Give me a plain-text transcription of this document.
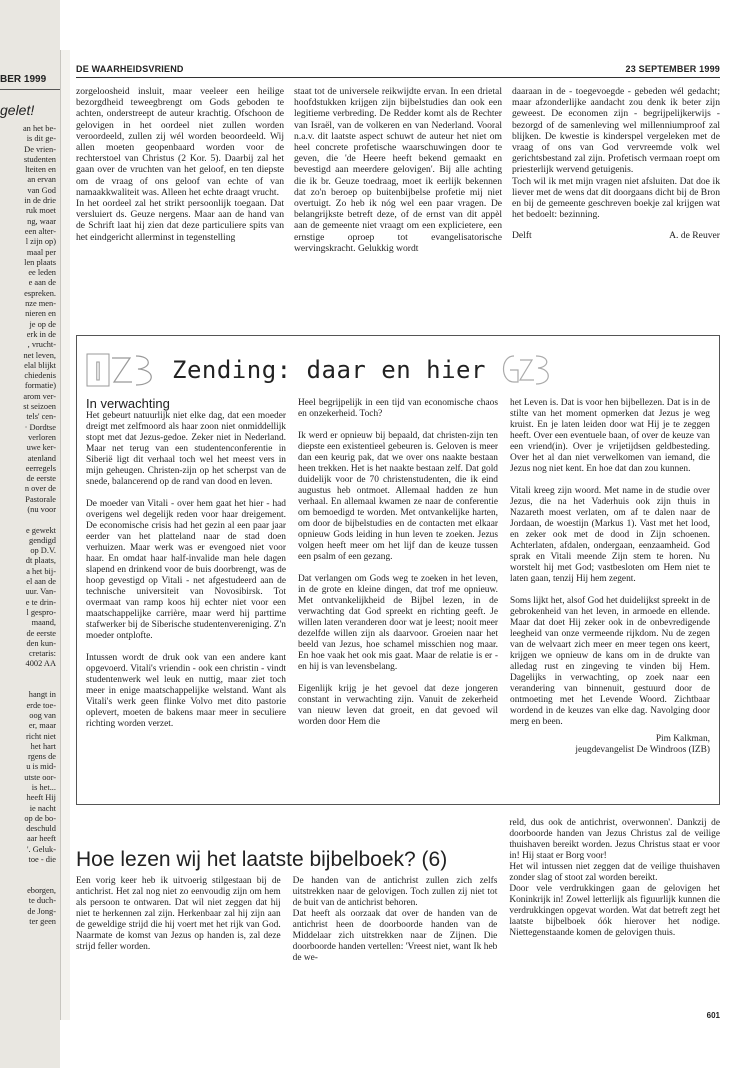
BER 1999
gelet!
an het be-
is dit ge-
De vrien-
studenten
lteiten en
an ervan
van God
in de drie
ruk moet
ng, waar
een alter-
l zijn op)
maal per
len plaats
ee leden
e aan de
espreken.
nze men-
nieren en
je op de
erk in de
, vrucht-
net leven,
elal blijkt
chiedenis
formatie)
arom ver-
st seizoen
tels' cen-
· Dordtse
verloren
uwe ker-
atenland
eerregels
de eerste
n over de
Pastorale
(nu voor

e gewekt
gendigd
op D.V.
dt plaats,
a het bij-
el aan de
uur. Van-
e te drin-
l gespro-
maand,
de eerste
den kun-
cretaris:
4002 AA

hangt in
erde toe-
oog van
er, maar
richt niet
het hart
rgens de
u is mid-
utste oor-
is het...
heeft Hij
ie nacht
op de bo-
deschuld
aar heeft
'. Geluk-
toe - die

eborgen,
te duch-
de Jong-
ter geen
DE WAARHEIDSVRIEND	23 SEPTEMBER 1999

zorgeloosheid insluit, maar veeleer een heilige bezorgdheid teweegbrengt om Gods geboden te achten, onderstreept de auteur krachtig. Ofschoon de gelovigen in het oordeel niet zullen worden veroordeeld, zullen zij wél worden beoordeeld. Wij allen moeten geopenbaard worden voor de rechterstoel van Christus (2 Kor. 5). Daarbij zal het gaan over de vruchten van het geloof, en ten diepste om de vraag of ons geloof van echte of van namaakkwaliteit was. Alleen het echte draagt vrucht.

In het oordeel zal het strikt persoonlijk toegaan. Dat versluiert ds. Geuze nergens. Maar aan de hand van de Schrift laat hij zien dat deze particuliere spits van het eindgericht allerminst in tegenstelling

staat tot de universele reikwijdte ervan. In een drietal hoofdstukken krijgen zijn bijbelstudies dan ook een legitieme verbreding. De Redder komt als de Rechter van Israël, van de volkeren en van Nederland. Vooral n.a.v. dit laatste aspect schuwt de auteur het niet om heel concrete profetische waarschuwingen door te geven, die 'de Heere heeft bekend gemaakt en bevestigd aan meerdere gelovigen'. Bij alle achting die ik br. Geuze toedraag, moet ik eerlijk bekennen dat zo'n beroep op buitenbijbelse profetie mij niet overtuigt. Zo heb ik nóg wel een paar vragen. De belangrijkste betreft deze, of de ernst van dit appèl aan de gemeente niet vraagt om een explicietere, een ernstige oproep tot evangelisatorische wervingskracht. Gelukkig wordt

daaraan in de - toegevoegde - gebeden wél gedacht; maar afzonderlijke aandacht zou denk ik beter zijn geweest. De economen zijn - begrijpelijkerwijs - bezorgd of de samenleving wel millenniumproof zal blijken. De kwestie is kinderspel vergeleken met de vraag of ons van God vervreemde volk wel gerichtsbestand zal zijn. Profetisch vermaan roept om priesterlijk wervend getuigenis.

Toch wil ik met mijn vragen niet afsluiten. Dat doe ik liever met de wens dat dit doorgaans dicht bij de Bron en bij de gemeente geschreven boekje zal krijgen wat het bedoelt: bezinning.

Delft	A. de Reuver
I
IZB
Zending: daar en hier
GZB
In verwachting

Het gebeurt natuurlijk niet elke dag, dat een moeder dreigt met zelfmoord als haar zoon niet onmiddellijk stopt met dat Jezus-gedoe. Zeker niet in Nederland. Maar net terug van een studentenconferentie in Siberië ligt dit verhaal toch wel het meest vers in mijn geheugen. Christen-zijn op het scherpst van de snede, balancerend op de rand van dood en leven.

De moeder van Vitali - over hem gaat het hier - had overigens wel degelijk reden voor haar dreigement. De economische crisis had het gezin al een paar jaar eerder van het platteland naar de stad doen verhuizen. Maar werk was er evengoed niet voor haar. En omdat haar half-invalide man hele dagen slapend en drinkend voor de buis doorbrengt, was de hoop gevestigd op Vitali - net afgestudeerd aan de technische universiteit van Novosibirsk. Tot overmaat van ramp koos hij echter niet voor een maatschappelijke carrière, maar werd hij parttime stafwerker bij de Siberische studentenvereniging. Z'n moeder ontplofte.

Intussen wordt de druk ook van een andere kant opgevoerd. Vitali's vriendin - ook een christin - vindt studentenwerk wel leuk en nuttig, maar ziet toch meer in enige maatschappelijke welstand. Want als Vitali's werk geen flinke Volvo met dito pastorie oplevert, moeten de bakens maar meer in seculiere richting worden verzet.

Heel begrijpelijk in een tijd van economische chaos en onzekerheid. Toch?

Ik werd er opnieuw bij bepaald, dat christen-zijn ten diepste een existentieel gebeuren is. Geloven is meer dan een keurig pak, dat we over ons naakte bestaan heen trekken. Het is het naakte bestaan zelf. Dat gold duidelijk voor de 70 christenstudenten, die ik eind augustus heb ontmoet. Allemaal hadden ze hun verhaal. En allemaal kwamen ze naar de conferentie om bemoedigd te worden. Met ontvankelijke harten, om door de bijbelstudies en de contacten met elkaar opnieuw Gods leiding in hun leven te zoeken. Jezus volgen heeft meer om het lijf dan de keuze tussen een psalm of een gezang.

Dat verlangen om Gods weg te zoeken in het leven, in de grote en kleine dingen, dat trof me opnieuw. Met ontvankelijkheid de Bijbel lezen, in de verwachting dat God spreekt en richting geeft. Je willen laten veranderen door wat je leest; nooit meer dezelfde willen zijn als daarvoor. Groeien naar het beeld van Jezus, hoe schamel misschien nog maar. En hoe vaak het ook mis gaat. Maar de relatie is er - en hij is van levensbelang.

Eigenlijk krijg je het gevoel dat deze jongeren constant in verwachting zijn. Vanuit de zekerheid van nieuw leven dat groeit, en dat gevoed wil worden door Hem die

het Leven is. Dat is voor hen bijbellezen. Dat is in de stilte van het moment opmerken dat Jezus je weg kruist. En je laten leiden door wat Hij je te zeggen heeft. Over een eventuele baan, of over de keuze van een vriend(in). Over je vrijetijdsen geldbesteding. Over het al dan niet verwelkomen van iemand, die Jezus nog niet kent. En hoe dat dan zou kunnen.

Vitali kreeg zijn woord. Met name in de studie over Jezus, die na het Vaderhuis ook zijn thuis in Nazareth moest verlaten, om af te dalen naar de Jordaan, de woestijn (Markus 1). Vast met het lood, en zeker ook met de dood in Zijn schoenen. Achterlaten, afdalen, ondergaan, eenzaamheid. God sprak en Vitali meende Zijn stem te horen. Nu worstelt hij met God; vastbesloten om Hem niet te laten gaan, tenzij Hij hem zegent.

Soms lijkt het, alsof God het duidelijkst spreekt in de gebrokenheid van het leven, in armoede en ellende. Maar dat doet Hij zeker ook in de onbevredigende leegheid van onze vermeende rijkdom. Nu de zegen van de welvaart zich meer en meer tegen ons keert, krijgen we opnieuw de kans om in de drukte van alledag rust en zingeving te vinden bij Hem. Dagelijks in verwachting, op zoek naar een verandering van binnenuit, gestuurd door de ontmoeting met het Levende Woord. Zichtbaar wordend in de keuzes van elke dag. Navolging door merg en been.

Pim Kalkman,
jeugdevangelist De Windroos (IZB)
Hoe lezen wij het laatste bijbelboek? (6)

Een vorig keer heb ik uitvoerig stilgestaan bij de antichrist. Het zal nog niet zo eenvoudig zijn om hem als persoon te ontwaren. Dat wil niet zeggen dat hij niet te herkennen zal zijn. Herkenbaar zal hij zijn aan de geweldige strijd die hij voert met het rijk van God. Naarmate de komst van Jezus op handen is, zal deze strijd feller worden.

De handen van de antichrist zullen zich zelfs uitstrekken naar de gelovigen. Toch zullen zij niet tot de buit van de antichrist behoren.

Dat heeft als oorzaak dat over de handen van de antichrist heen de doorboorde handen van de Middelaar zich uitstrekken naar de Zijnen. Die doorboorde handen vertellen: 'Vreest niet, want Ik heb de we-

reld, dus ook de antichrist, overwonnen'. Dankzij de doorboorde handen van Jezus Christus zal de veilige thuishaven bereikt worden. Jezus Christus staat er voor in! Hij staat er Borg voor!

Het wil intussen niet zeggen dat de veilige thuishaven zonder slag of stoot zal worden bereikt.

Door vele verdrukkingen gaan de gelovigen het Koninkrijk in! Zowel letterlijk als figuurlijk kunnen die verdrukkingen opgevat worden. Wat dat betreft zegt het laatste bijbelboek óók hierover het nodige. Niettegenstaande komen de gelovigen thuis.

601
